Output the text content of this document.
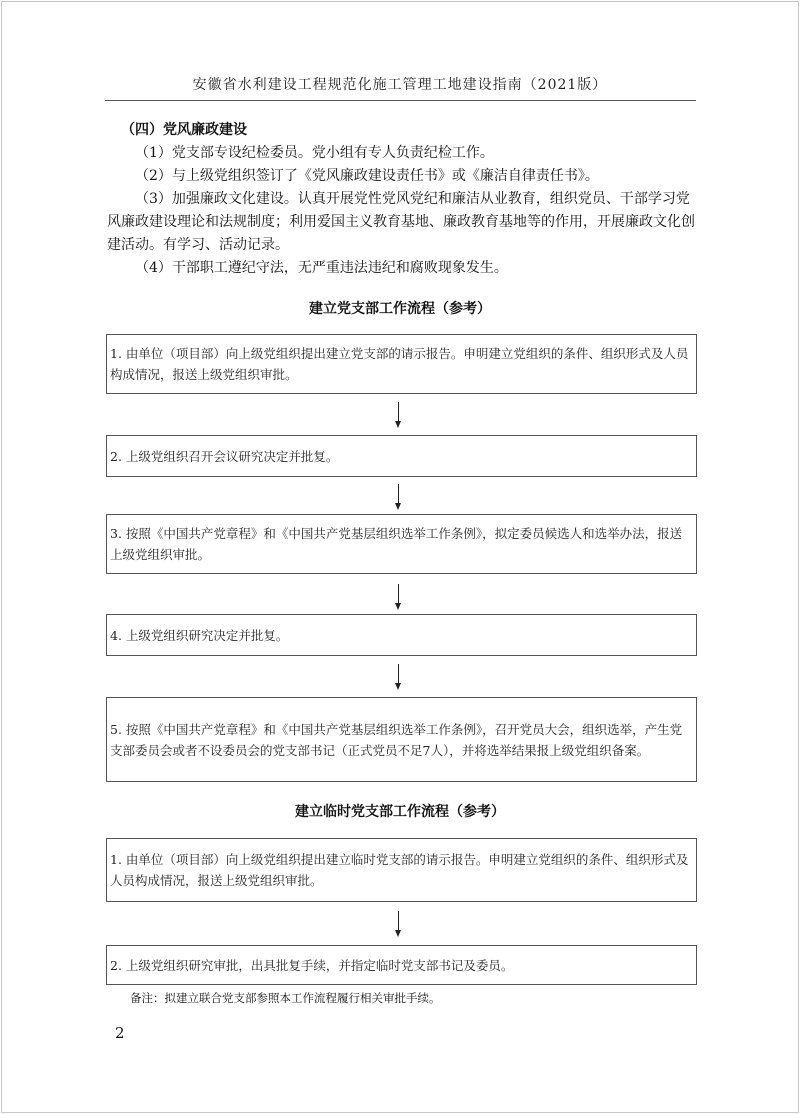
安徽省水利建设工程规范化施工管理工地建设指南（2021版）

（四）党风廉政建设

（1）党支部专设纪检委员。党小组有专人负责纪检工作。

（2）与上级党组织签订了《党风廉政建设责任书》或《廉洁自律责任书》。

（3）加强廉政文化建设。认真开展党性党风党纪和廉洁从业教育，组织党员、干部学习党风廉政建设理论和法规制度；利用爱国主义教育基地、廉政教育基地等的作用，开展廉政文化创建活动。有学习、活动记录。

（4）干部职工遵纪守法，无严重违法违纪和腐败现象发生。

建立党支部工作流程（参考）
1. 由单位（项目部）向上级党组织提出建立党支部的请示报告。申明建立党组织的条件、组织形式及人员构成情况，报送上级党组织审批。
2. 上级党组织召开会议研究决定并批复。
3. 按照《中国共产党章程》和《中国共产党基层组织选举工作条例》，拟定委员候选人和选举办法，报送上级党组织审批。
4. 上级党组织研究决定并批复。
5. 按照《中国共产党章程》和《中国共产党基层组织选举工作条例》，召开党员大会，组织选举，产生党支部委员会或者不设委员会的党支部书记（正式党员不足7人），并将选举结果报上级党组织备案。
建立临时党支部工作流程（参考）
1. 由单位（项目部）向上级党组织提出建立临时党支部的请示报告。申明建立党组织的条件、组织形式及人员构成情况，报送上级党组织审批。
2. 上级党组织研究审批，出具批复手续，并指定临时党支部书记及委员。
备注：拟建立联合党支部参照本工作流程履行相关审批手续。
2
